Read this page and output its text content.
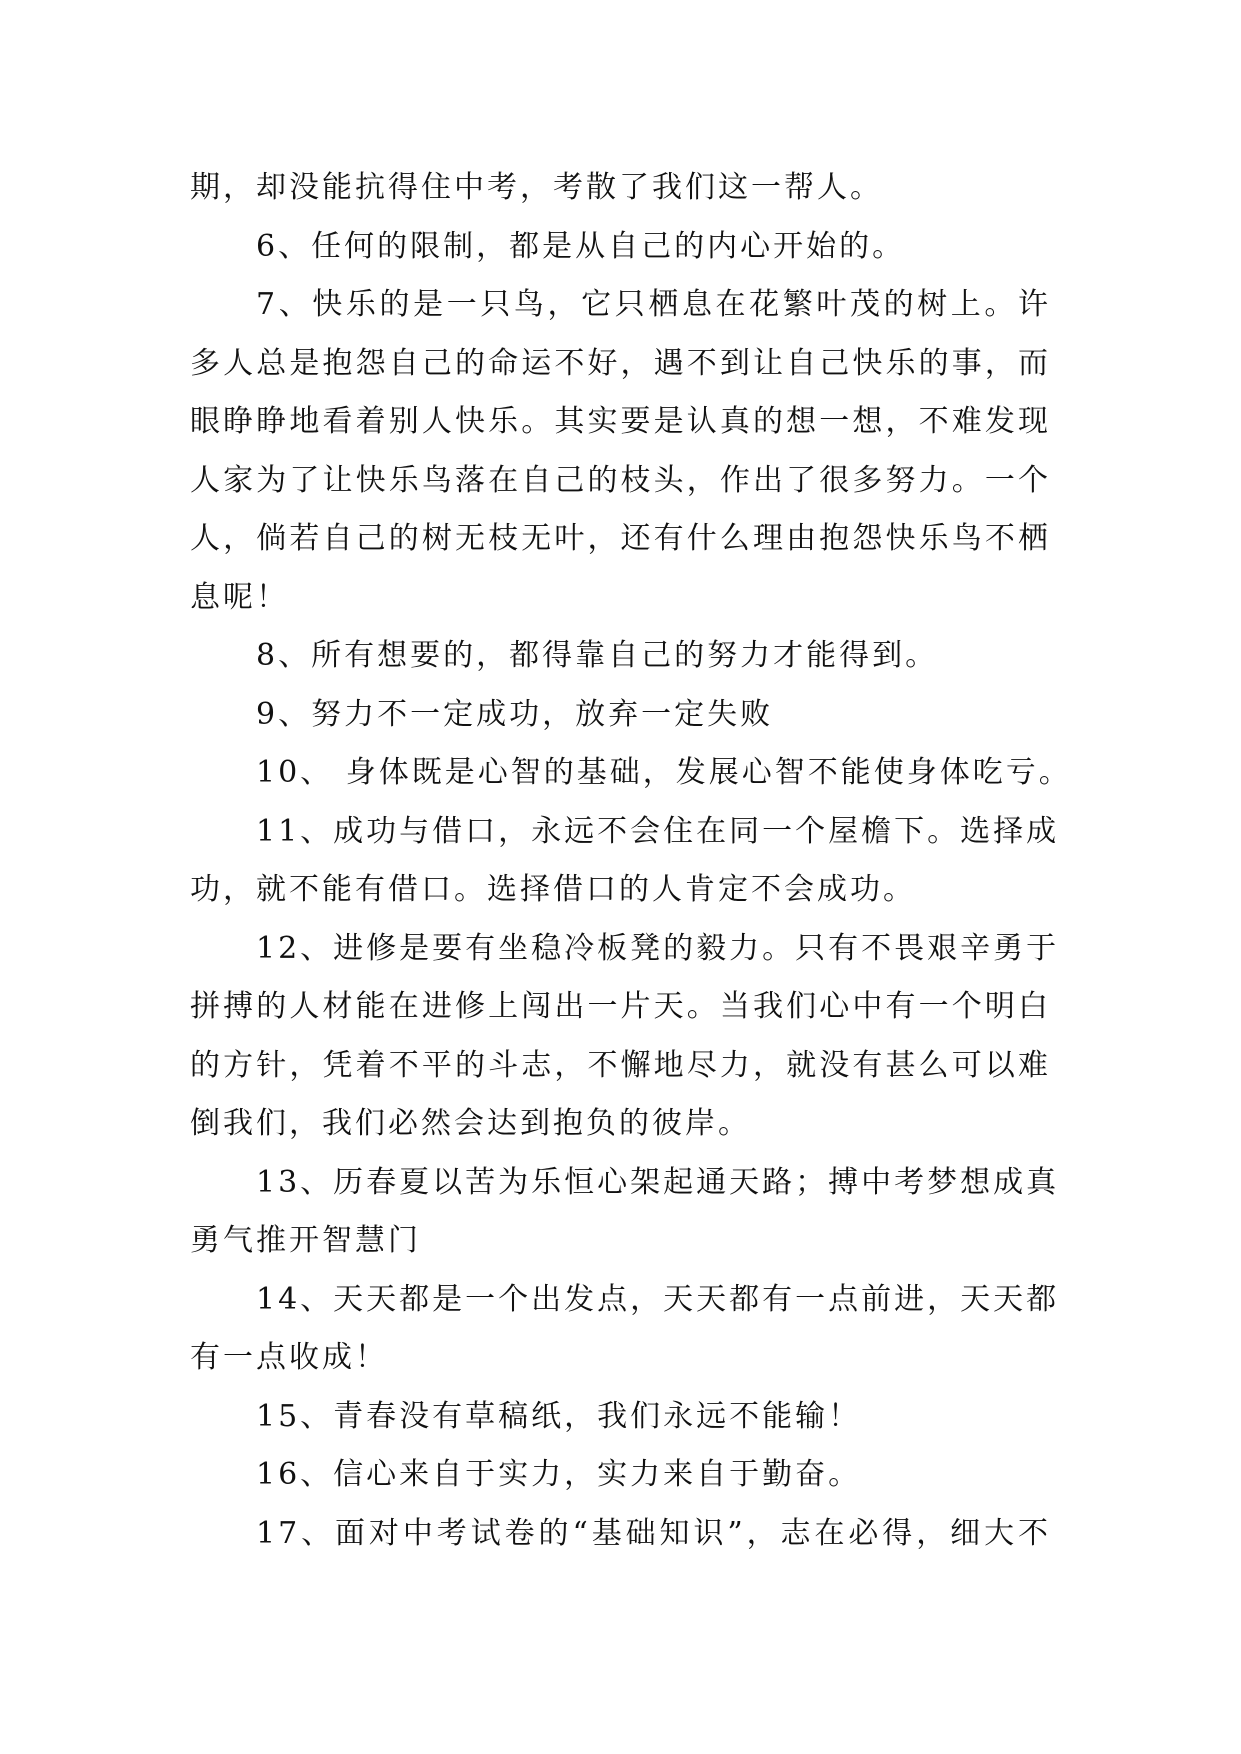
期，却没能抗得住中考，考散了我们这一帮人。
6、任何的限制，都是从自己的内心开始的。
7、快乐的是一只鸟，它只栖息在花繁叶茂的树上。许
多人总是抱怨自己的命运不好，遇不到让自己快乐的事，而
眼睁睁地看着别人快乐。其实要是认真的想一想，不难发现
人家为了让快乐鸟落在自己的枝头，作出了很多努力。一个
人，倘若自己的树无枝无叶，还有什么理由抱怨快乐鸟不栖
息呢！
8、所有想要的，都得靠自己的努力才能得到。
9、努力不一定成功，放弃一定失败
10、 身体既是心智的基础，发展心智不能使身体吃亏。
11、成功与借口，永远不会住在同一个屋檐下。选择成
功，就不能有借口。选择借口的人肯定不会成功。
12、进修是要有坐稳冷板凳的毅力。只有不畏艰辛勇于
拼搏的人材能在进修上闯出一片天。当我们心中有一个明白
的方针，凭着不平的斗志，不懈地尽力，就没有甚么可以难
倒我们，我们必然会达到抱负的彼岸。
13、历春夏以苦为乐恒心架起通天路；搏中考梦想成真
勇气推开智慧门
14、天天都是一个出发点，天天都有一点前进，天天都
有一点收成！
15、青春没有草稿纸，我们永远不能输！
16、信心来自于实力，实力来自于勤奋。
17、面对中考试卷的“基础知识”，志在必得，细大不
